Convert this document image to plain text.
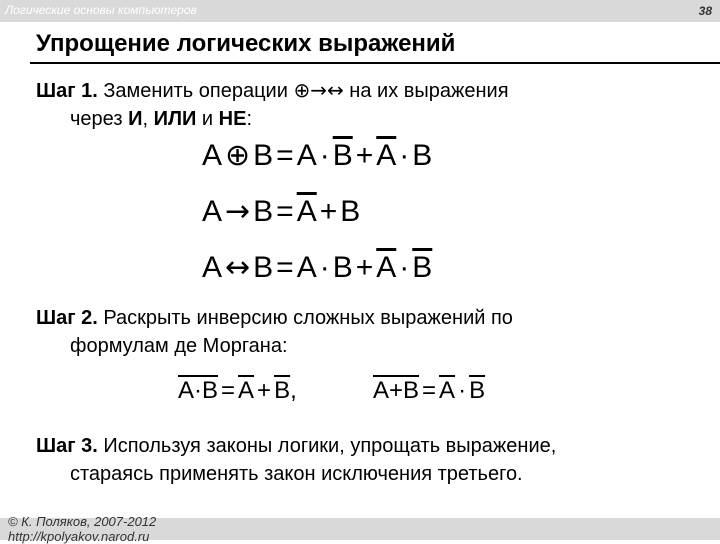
Логические основы компьютеров	38
Упрощение логических выражений
Шаг 1. Заменить операции ⊕→↔ на их выражения
через И, ИЛИ и НЕ:
A ⊕ $B = A \cdot \overline{B} + \overline{A} \cdot B$
$A \to B = \overline{A} + B$
A ↔ $B = A \cdot B + \overline{A} \cdot \overline{B}$
Шаг 2. Раскрыть инверсию сложных выражений по
формулам де Моргана:
$A\cdot B = \overline{A} + \overline{B}$,	$A+B = \overline{A} \cdot \overline{B}$
Шаг 3. Используя законы логики, упрощать выражение,
стараясь применять закон исключения третьего.
© К. Поляков, 2007-2012
http://kpolyakov.narod.ru
